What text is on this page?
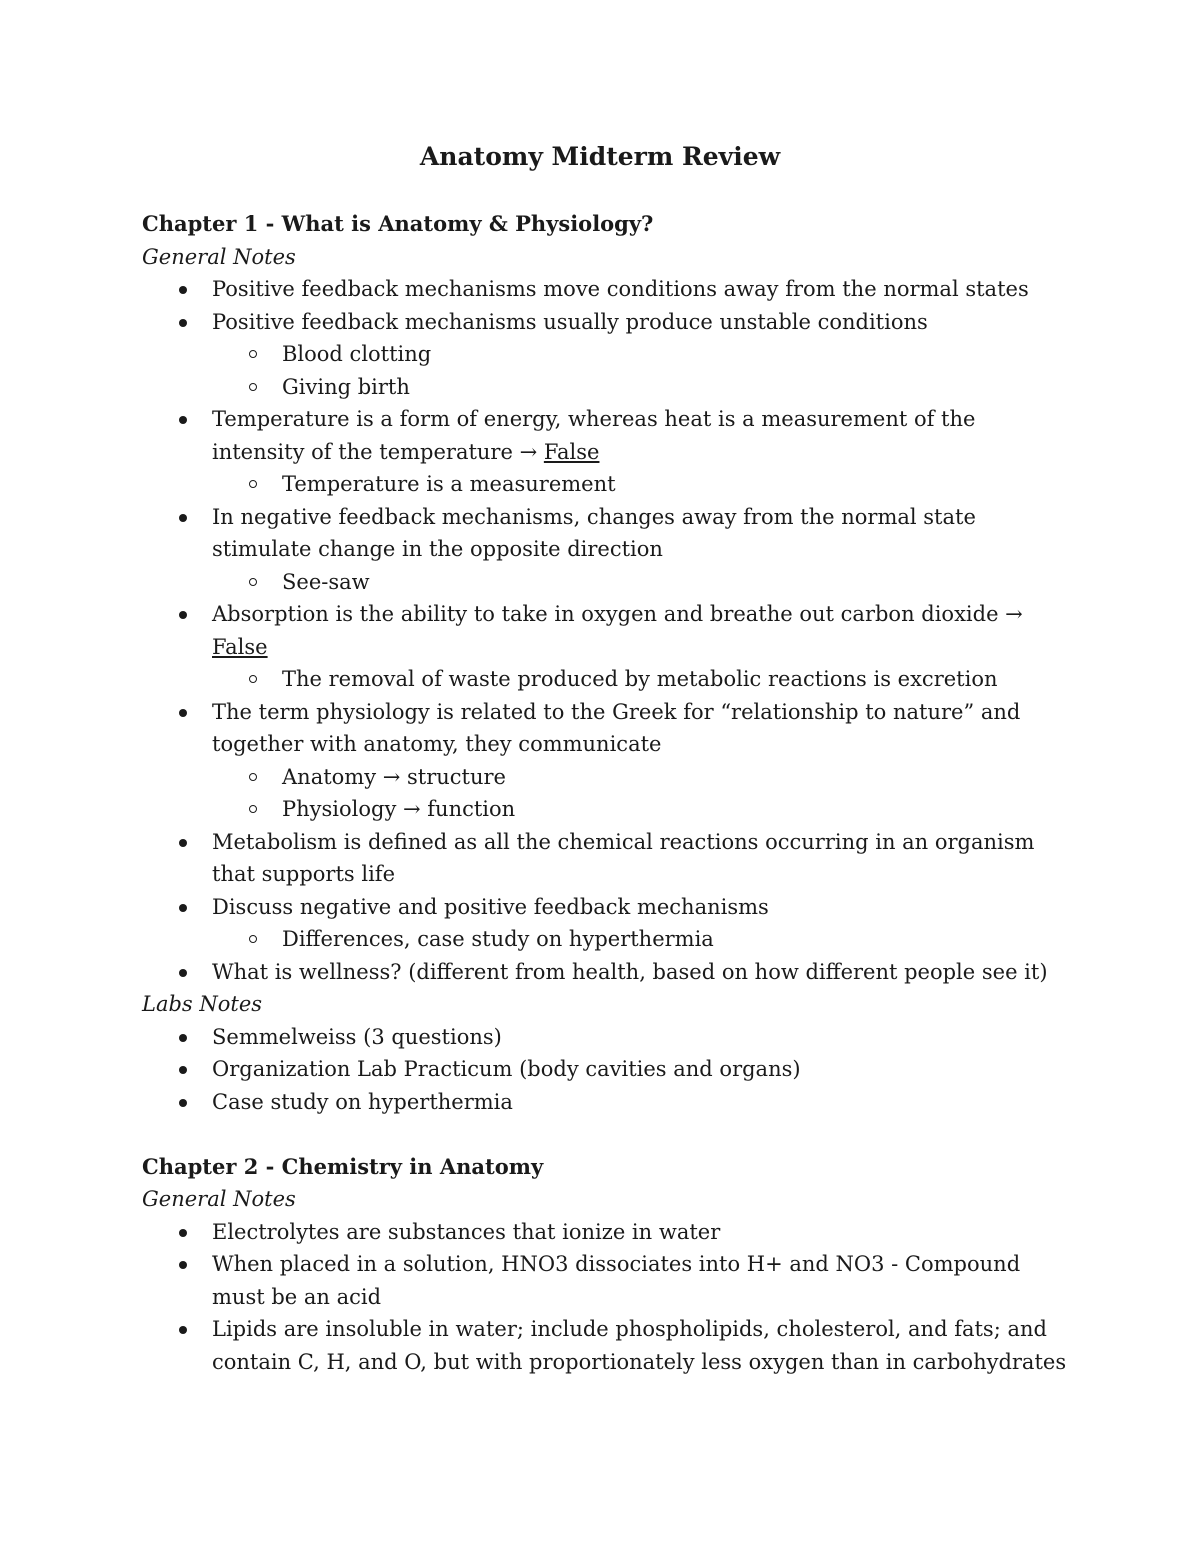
Anatomy Midterm Review

Chapter 1 - What is Anatomy & Physiology?

General Notes

Positive feedback mechanisms move conditions away from the normal states
Positive feedback mechanisms usually produce unstable conditions
Blood clotting
Giving birth
Temperature is a form of energy, whereas heat is a measurement of the intensity of the temperature → False
Temperature is a measurement
In negative feedback mechanisms, changes away from the normal state stimulate change in the opposite direction
See-saw
Absorption is the ability to take in oxygen and breathe out carbon dioxide → False
The removal of waste produced by metabolic reactions is excretion
The term physiology is related to the Greek for “relationship to nature” and together with anatomy, they communicate
Anatomy → structure
Physiology → function
Metabolism is defined as all the chemical reactions occurring in an organism that supports life
Discuss negative and positive feedback mechanisms
Differences, case study on hyperthermia
What is wellness? (different from health, based on how different people see it)

Labs Notes

Semmelweiss (3 questions)
Organization Lab Practicum (body cavities and organs)
Case study on hyperthermia

Chapter 2 - Chemistry in Anatomy

General Notes

Electrolytes are substances that ionize in water
When placed in a solution, HNO3 dissociates into H+ and NO3 - Compound must be an acid
Lipids are insoluble in water; include phospholipids, cholesterol, and fats; and contain C, H, and O, but with proportionately less oxygen than in carbohydrates
